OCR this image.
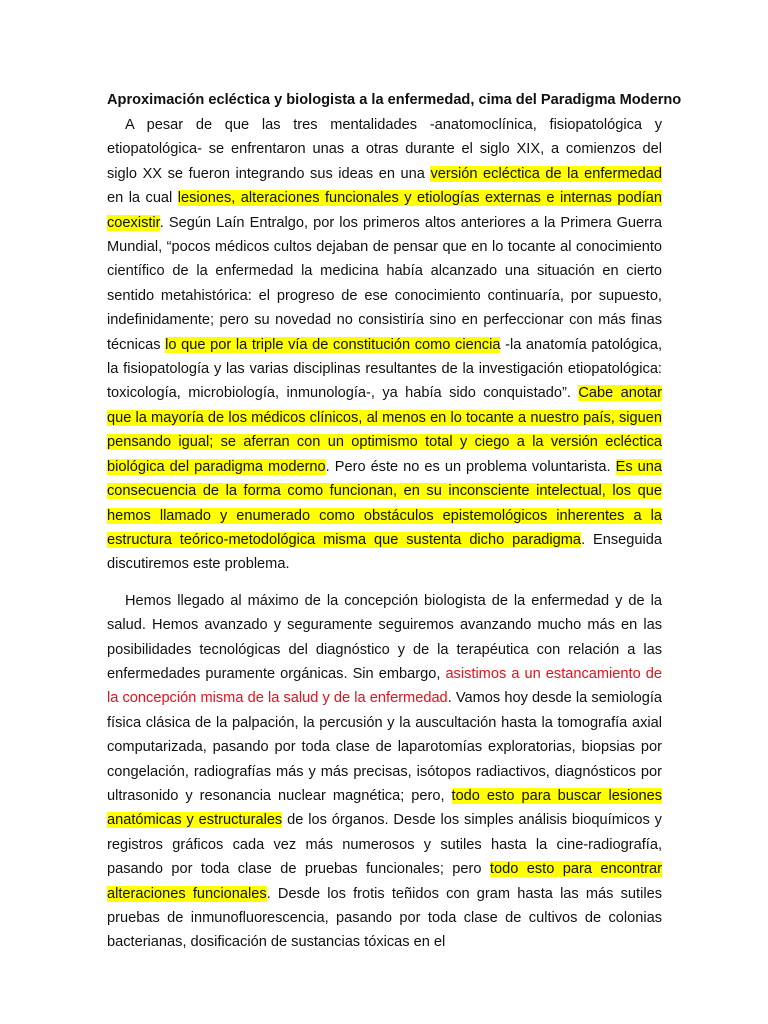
Aproximación ecléctica y biologista a la enfermedad, cima del Paradigma Moderno

A pesar de que las tres mentalidades -anatomoclínica, fisiopatológica y etiopatológica- se enfrentaron unas a otras durante el siglo XIX, a comienzos del siglo XX se fueron integrando sus ideas en una versión ecléctica de la enfermedad en la cual lesiones, alteraciones funcionales y etiologías externas e internas podían coexistir. Según Laín Entralgo, por los primeros altos anteriores a la Primera Guerra Mundial, “pocos médicos cultos dejaban de pensar que en lo tocante al conocimiento científico de la enfermedad la medicina había alcanzado una situación en cierto sentido metahistórica: el progreso de ese conocimiento continuaría, por supuesto, indefinidamente; pero su novedad no consistiría sino en perfeccionar con más finas técnicas lo que por la triple vía de constitución como ciencia -la anatomía patológica, la fisiopatología y las varias disciplinas resultantes de la investigación etiopatológica: toxicología, microbiología, inmunología-, ya había sido conquistado”. Cabe anotar que la mayoría de los médicos clínicos, al menos en lo tocante a nuestro país, siguen pensando igual; se aferran con un optimismo total y ciego a la versión ecléctica biológica del paradigma moderno. Pero éste no es un problema voluntarista. Es una consecuencia de la forma como funcionan, en su inconsciente intelectual, los que hemos llamado y enumerado como obstáculos epistemológicos inherentes a la estructura teórico-metodológica misma que sustenta dicho paradigma. Enseguida discutiremos este problema.

Hemos llegado al máximo de la concepción biologista de la enfermedad y de la salud. Hemos avanzado y seguramente seguiremos avanzando mucho más en las posibilidades tecnológicas del diagnóstico y de la terapéutica con relación a las enfermedades puramente orgánicas. Sin embargo, asistimos a un estancamiento de la concepción misma de la salud y de la enfermedad. Vamos hoy desde la semiología física clásica de la palpación, la percusión y la auscultación hasta la tomografía axial computarizada, pasando por toda clase de laparotomías exploratorias, biopsias por congelación, radiografías más y más precisas, isótopos radiactivos, diagnósticos por ultrasonido y resonancia nuclear magnética; pero, todo esto para buscar lesiones anatómicas y estructurales de los órganos. Desde los simples análisis bioquímicos y registros gráficos cada vez más numerosos y sutiles hasta la cine-radiografía, pasando por toda clase de pruebas funcionales; pero todo esto para encontrar alteraciones funcionales. Desde los frotis teñidos con gram hasta las más sutiles pruebas de inmunofluorescencia, pasando por toda clase de cultivos de colonias bacterianas, dosificación de sustancias tóxicas en el
